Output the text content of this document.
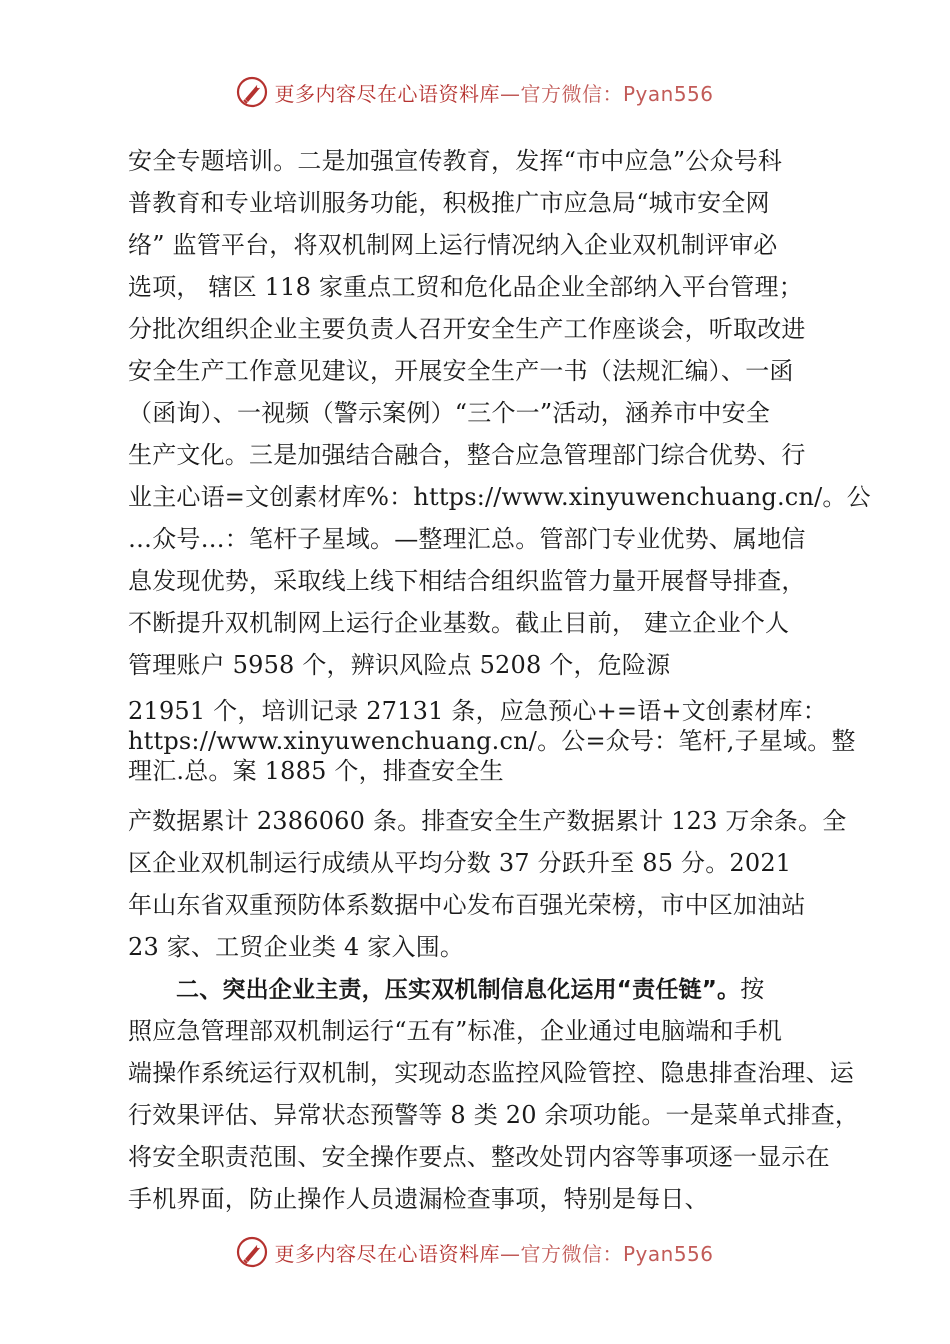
更多内容尽在心语资料库—官方微信：Pyan556
安全专题培训。二是加强宣传教育，发挥“市中应急”公众号科
普教育和专业培训服务功能，积极推广市应急局“城市安全网
络” 监管平台，将双机制网上运行情况纳入企业双机制评审必
选项， 辖区 118 家重点工贸和危化品企业全部纳入平台管理；
分批次组织企业主要负责人召开安全生产工作座谈会，听取改进
安全生产工作意见建议，开展安全生产一书（法规汇编）、一函
（函询）、一视频（警示案例）“三个一”活动，涵养市中安全
生产文化。三是加强结合融合，整合应急管理部门综合优势、行
业主心语=文创素材库%：https://www.xinyuwenchuang.cn/。公
…众号…：笔杆子星域。—整理汇总。管部门专业优势、属地信
息发现优势，采取线上线下相结合组织监管力量开展督导排查，
不断提升双机制网上运行企业基数。截止目前， 建立企业个人
管理账户 5958 个，辨识风险点 5208 个，危险源
21951 个，培训记录 27131 条，应急预心+=语+文创素材库：
https://www.xinyuwenchuang.cn/。公=众号：笔杆,子星域。整
理汇.总。案 1885 个，排查安全生
产数据累计 2386060 条。排查安全生产数据累计 123 万余条。全
区企业双机制运行成绩从平均分数 37 分跃升至 85 分。2021
年山东省双重预防体系数据中心发布百强光荣榜，市中区加油站
23 家、工贸企业类 4 家入围。
二、突出企业主责，压实双机制信息化运用“责任链”。按
照应急管理部双机制运行“五有”标准，企业通过电脑端和手机
端操作系统运行双机制，实现动态监控风险管控、隐患排查治理、运
行效果评估、异常状态预警等 8 类 20 余项功能。一是菜单式排查，
将安全职责范围、安全操作要点、整改处罚内容等事项逐一显示在
手机界面，防止操作人员遗漏检查事项，特别是每日、
更多内容尽在心语资料库—官方微信：Pyan556
